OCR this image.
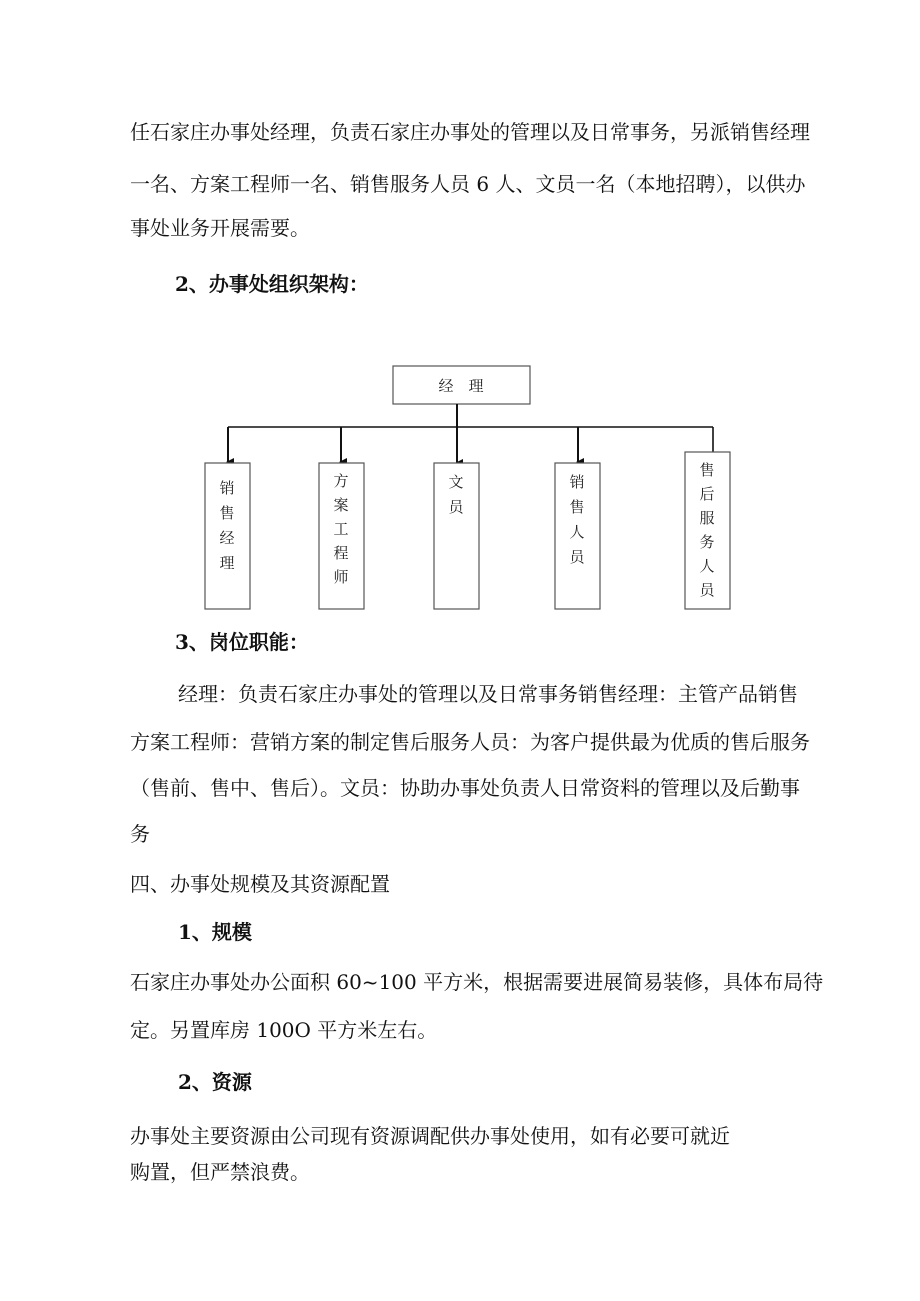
任石家庄办事处经理，负责石家庄办事处的管理以及日常事务，另派销售经理
一名、方案工程师一名、销售服务人员 6 人、文员一名（本地招聘），以供办
事处业务开展需要。
2、办事处组织架构：
经　理
销
售
经
理
方
案
工
程
师
文
员
销
售
人
员
售
后
服
务
人
员
3、岗位职能：
经理：负责石家庄办事处的管理以及日常事务销售经理：主管产品销售
方案工程师：营销方案的制定售后服务人员：为客户提供最为优质的售后服务
（售前、售中、售后）。文员：协助办事处负责人日常资料的管理以及后勤事
务
四、办事处规模及其资源配置
1、规模
石家庄办事处办公面积 60~100 平方米，根据需要进展简易装修，具体布局待
定。另置库房 100O 平方米左右。
2、资源
办事处主要资源由公司现有资源调配供办事处使用，如有必要可就近
购置，但严禁浪费。
